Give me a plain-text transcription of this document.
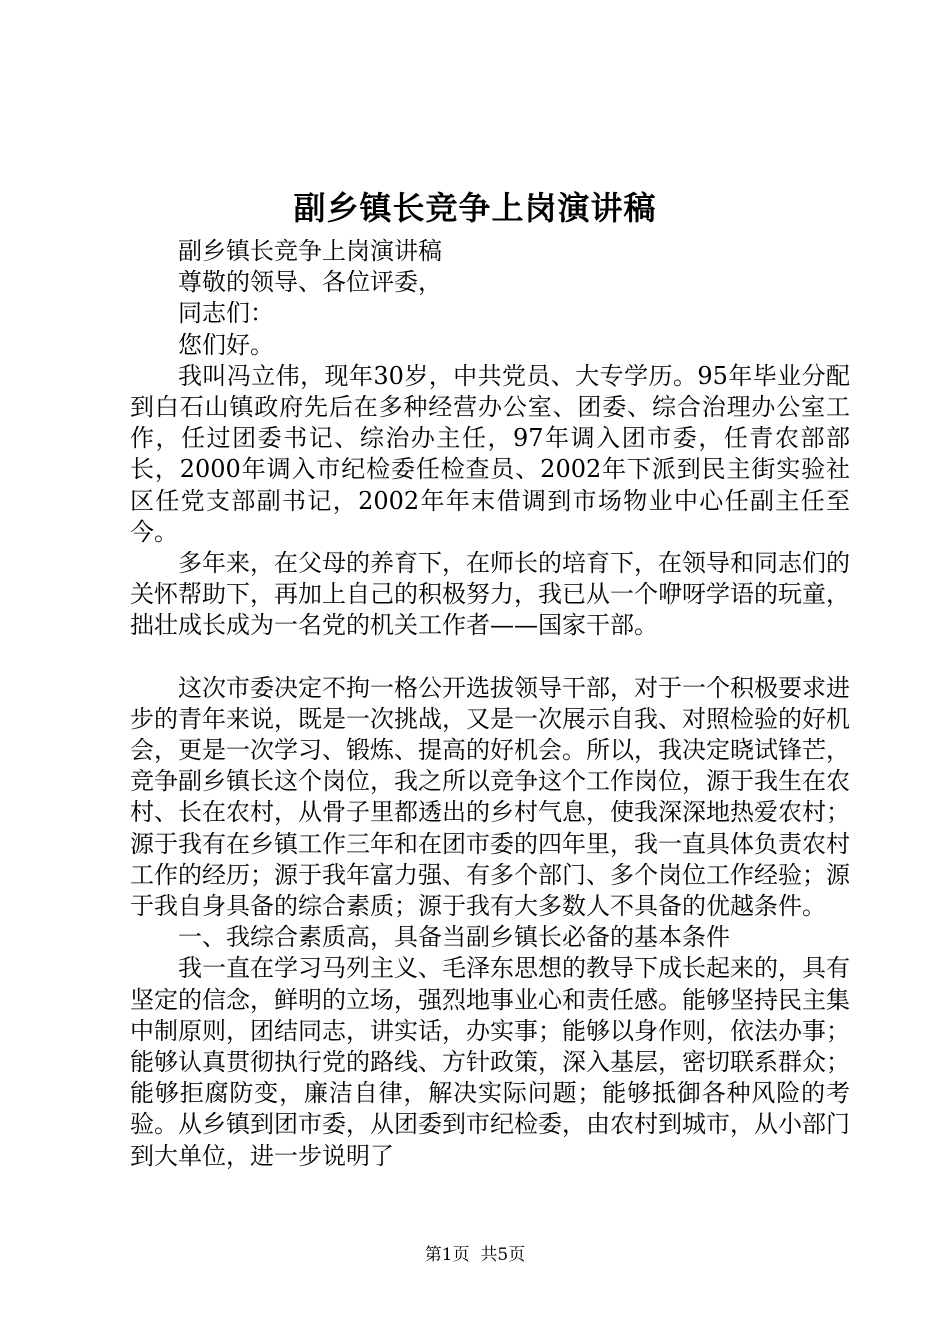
副乡镇长竞争上岗演讲稿

副乡镇长竞争上岗演讲稿

尊敬的领导、各位评委，

同志们：

您们好。

我叫冯立伟，现年30岁，中共党员、大专学历。95年毕业分配到白石山镇政府先后在多种经营办公室、团委、综合治理办公室工作，任过团委书记、综治办主任，97年调入团市委，任青农部部长，2000年调入市纪检委任检查员、2002年下派到民主街实验社区任党支部副书记，2002年年末借调到市场物业中心任副主任至今。

多年来，在父母的养育下，在师长的培育下，在领导和同志们的关怀帮助下，再加上自己的积极努力，我已从一个咿呀学语的玩童，拙壮成长成为一名党的机关工作者——国家干部。

这次市委决定不拘一格公开选拔领导干部，对于一个积极要求进步的青年来说，既是一次挑战，又是一次展示自我、对照检验的好机会，更是一次学习、锻炼、提高的好机会。所以，我决定晓试锋芒，竞争副乡镇长这个岗位，我之所以竞争这个工作岗位，源于我生在农村、长在农村，从骨子里都透出的乡村气息，使我深深地热爱农村；源于我有在乡镇工作三年和在团市委的四年里，我一直具体负责农村工作的经历；源于我年富力强、有多个部门、多个岗位工作经验；源于我自身具备的综合素质；源于我有大多数人不具备的优越条件。

一、我综合素质高，具备当副乡镇长必备的基本条件

我一直在学习马列主义、毛泽东思想的教导下成长起来的，具有坚定的信念，鲜明的立场，强烈地事业心和责任感。能够坚持民主集中制原则，团结同志，讲实话，办实事；能够以身作则，依法办事；能够认真贯彻执行党的路线、方针政策，深入基层，密切联系群众；能够拒腐防变，廉洁自律，解决实际问题；能够抵御各种风险的考验。从乡镇到团市委，从团委到市纪检委，由农村到城市，从小部门到大单位，进一步说明了

第1页  共5页
